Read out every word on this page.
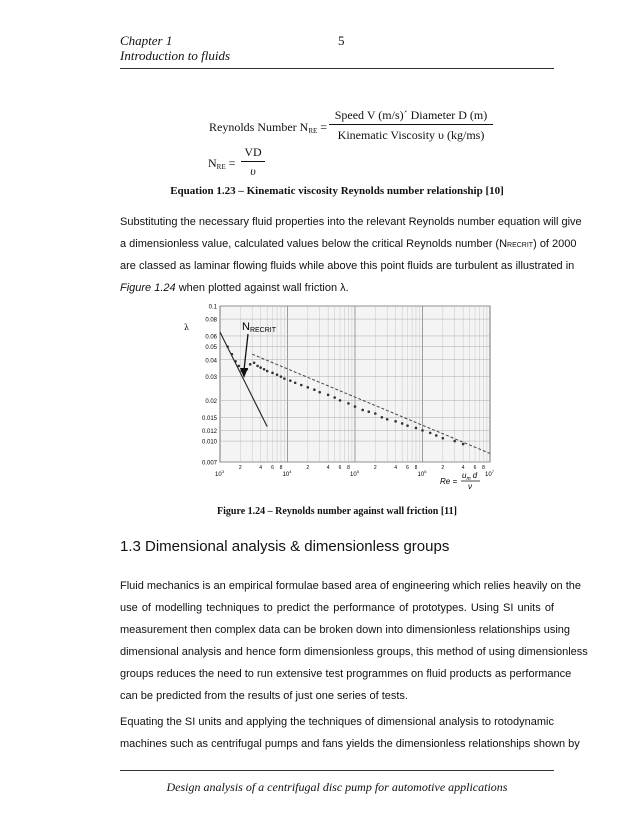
Chapter 1	5
Introduction to fluids
Reynolds Number NRE =
Speed V (m/s)´ Diameter D (m)
Kinematic Viscosity υ (kg/ms)
NRE =
VD
υ
Equation 1.23 – Kinematic viscosity Reynolds number relationship [10]
Substituting the necessary fluid properties into the relevant Reynolds number equation will give
a dimensionless value, calculated values below the critical Reynolds number (NRECRIT) of 2000
are classed as laminar flowing fluids while above this point fluids are turbulent as illustrated in
Figure 1.24 when plotted against wall friction λ.
0.1
0.08
0.06
0.05
0.04
0.03
0.02
0.015
0.012
0.010
0.007
$10^3$
$10^4$
$10^5$
$10^6$
$10^7$
2	4 6 8	2	4 6 8	2	4 6 8	2	4 6 8
λ	NRECRIT
Re =
$u_m$ d
ν
Figure 1.24 – Reynolds number against wall friction [11]
1.3 Dimensional analysis & dimensionless groups
Fluid mechanics is an empirical formulae based area of engineering which relies heavily on the
use of modelling techniques to predict the performance of prototypes. Using SI units of
measurement then complex data can be broken down into dimensionless relationships using
dimensional analysis and hence form dimensionless groups, this method of using dimensionless
groups reduces the need to run extensive test programmes on fluid products as performance
can be predicted from the results of just one series of tests.
Equating the SI units and applying the techniques of dimensional analysis to rotodynamic
machines such as centrifugal pumps and fans yields the dimensionless relationships shown by
Design analysis of a centrifugal disc pump for automotive applications
